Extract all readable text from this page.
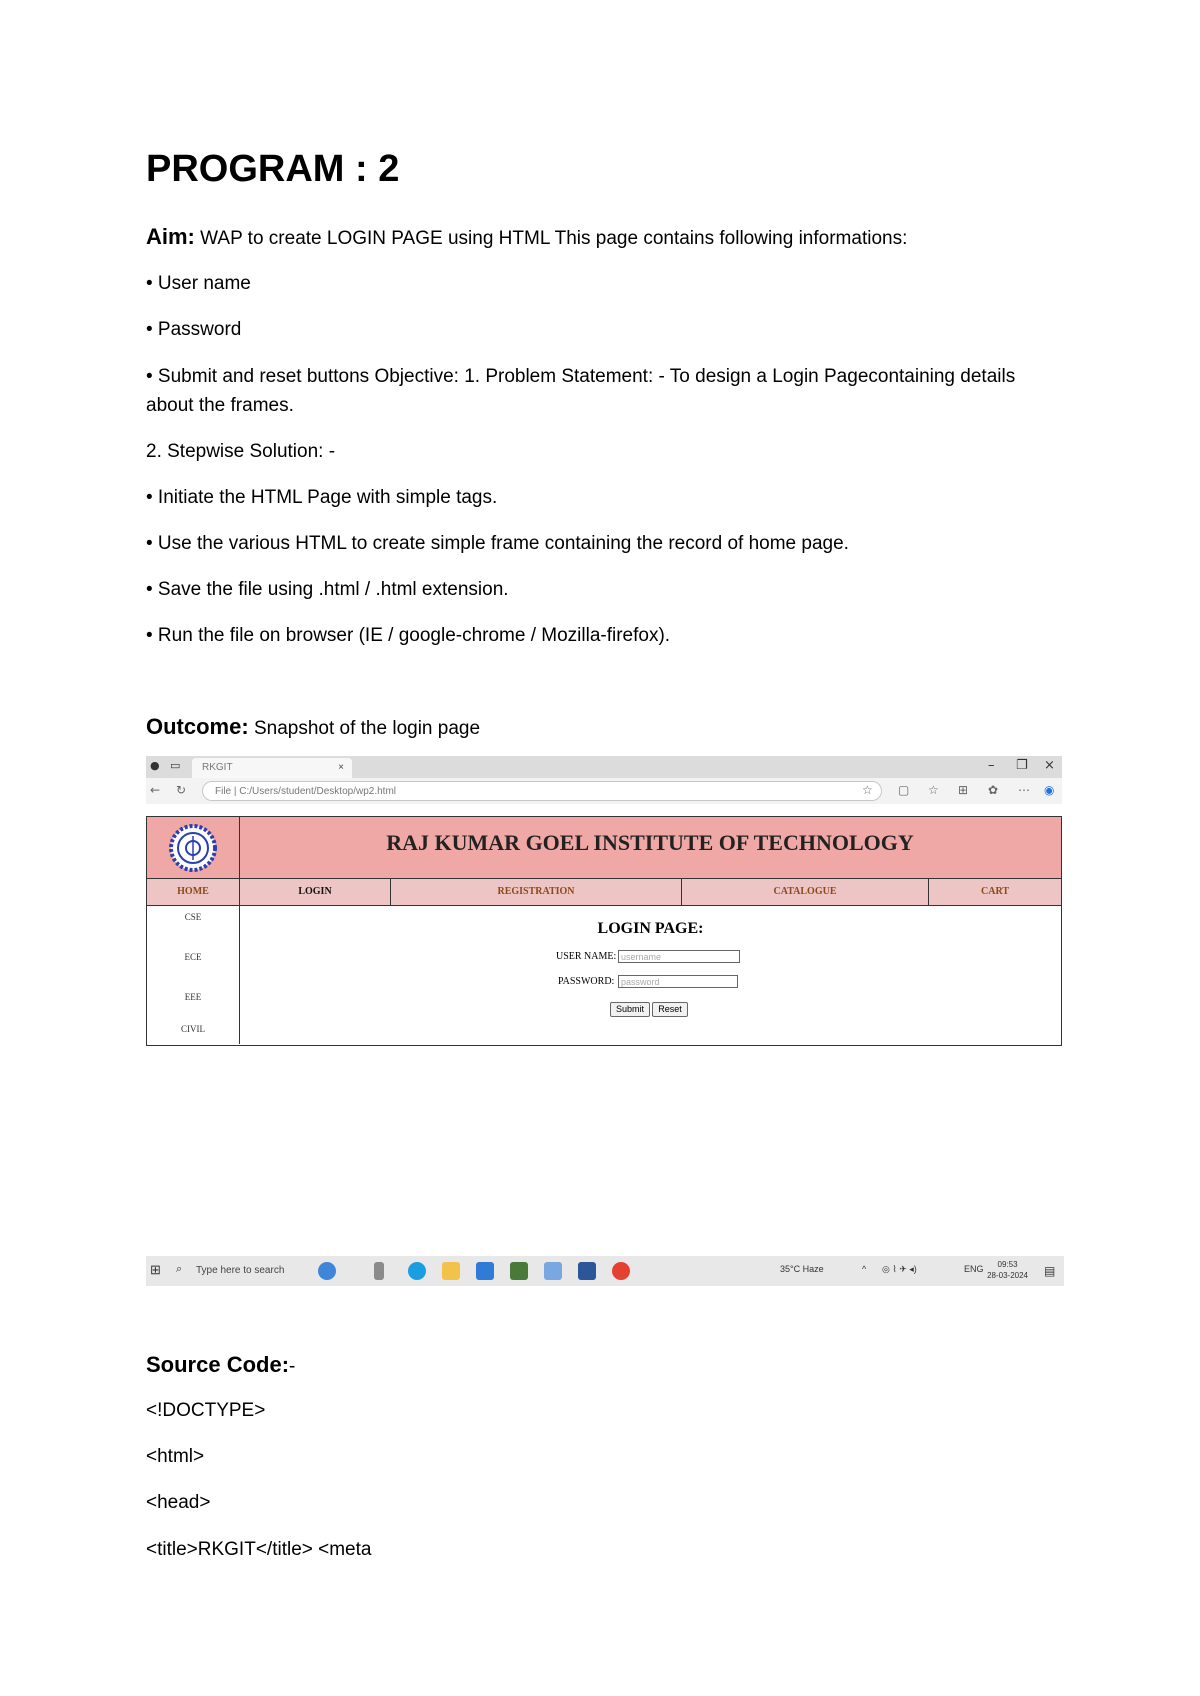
PROGRAM : 2
Aim: WAP to create LOGIN PAGE using HTML This page contains following informations:
• User name
• Password
• Submit and reset buttons Objective: 1. Problem Statement: - To design a Login Pagecontaining details about the frames.
2. Stepwise Solution: -
• Initiate the HTML Page with simple tags.
• Use the various HTML to create simple frame containing the record of home page.
• Save the file using .html / .html extension.
• Run the file on browser (IE / google-chrome / Mozilla-firefox).
Outcome: Snapshot of the login page
Source Code:-
<!DOCTYPE>
<html>
<head>
<title>RKGIT</title> <meta
● ▭	RKGIT	×	– ❐ ×
← ↻	File | C:/Users/student/Desktop/wp2.html	☆ ▢ ☆ ⊞ ✿ ⋯ ◉
RAJ KUMAR GOEL INSTITUTE OF TECHNOLOGY
HOME	LOGIN	REGISTRATION	CATALOGUE	CART
CSE
ECE
EEE
CIVIL
LOGIN PAGE:
USER NAME: username
PASSWORD: password
Submit	Reset
⊞ ⌕	Type here to search	35°C Haze	^ ◎ ⌇ ✈ ◂)	ENG	09:53
28-03-2024 ▤
